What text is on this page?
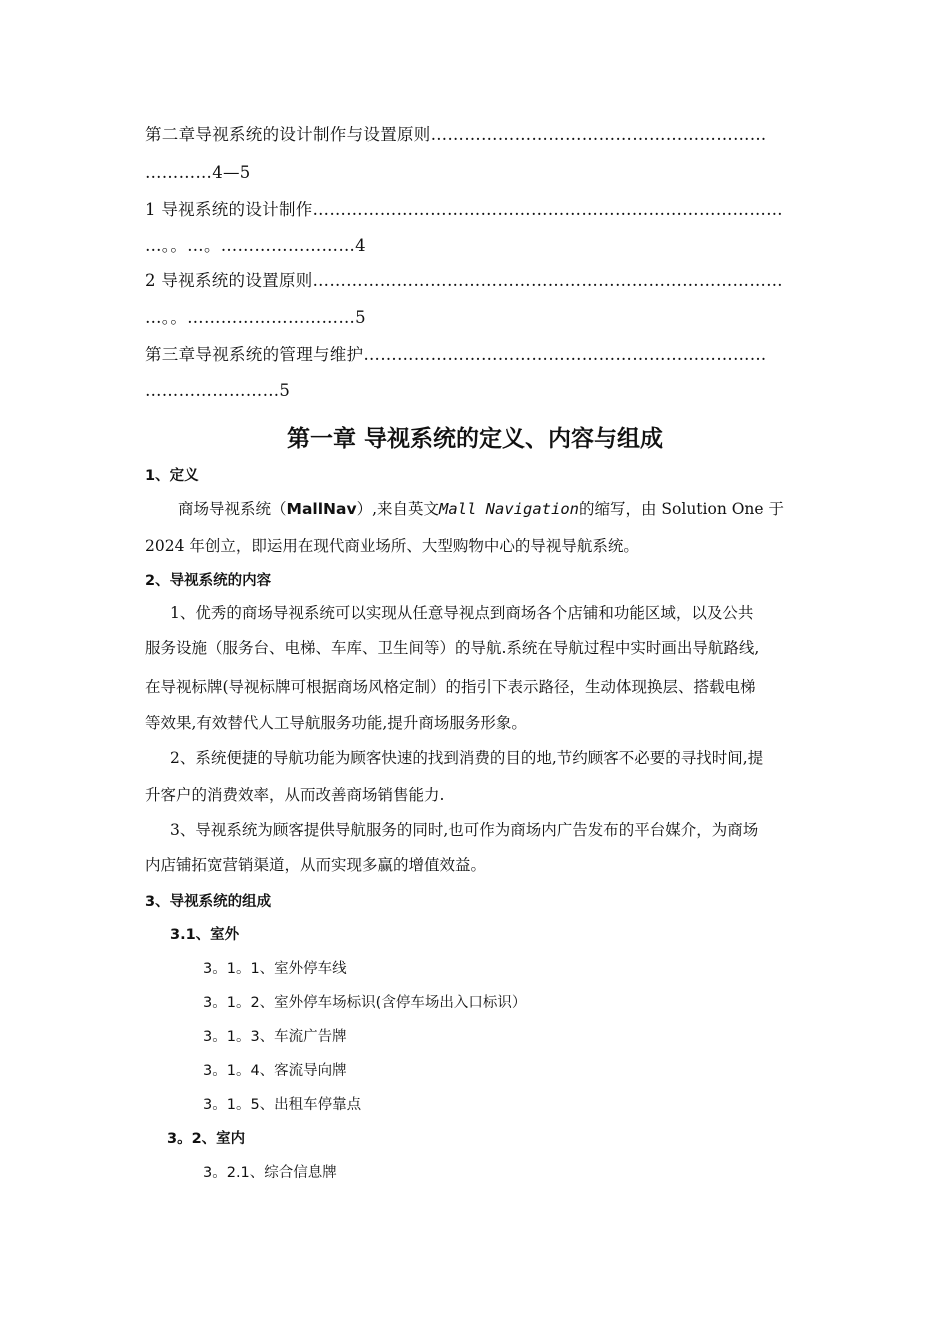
第二章导视系统的设计制作与设置原则……………………………………………………
…………4—5
1 导视系统的设计制作…………………………………………………………………………
…。。…。……………………4
2 导视系统的设置原则…………………………………………………………………………
…。。…………………………5
第三章导视系统的管理与维护………………………………………………………………
……………………5
第一章 导视系统的定义、内容与组成
1、定义
商场导视系统（MallNav）,来自英文Mall Navigation的缩写，由 Solution One 于
2024 年创立，即运用在现代商业场所、大型购物中心的导视导航系统。
2、导视系统的内容
1、优秀的商场导视系统可以实现从任意导视点到商场各个店铺和功能区域，以及公共
服务设施（服务台、电梯、车库、卫生间等）的导航.系统在导航过程中实时画出导航路线,
在导视标牌(导视标牌可根据商场风格定制）的指引下表示路径，生动体现换层、搭载电梯
等效果,有效替代人工导航服务功能,提升商场服务形象。
2、系统便捷的导航功能为顾客快速的找到消费的目的地,节约顾客不必要的寻找时间,提
升客户的消费效率，从而改善商场销售能力.
3、导视系统为顾客提供导航服务的同时,也可作为商场内广告发布的平台媒介，为商场
内店铺拓宽营销渠道，从而实现多赢的增值效益。
3、导视系统的组成
3.1、室外
3。1。1、室外停车线
3。1。2、室外停车场标识(含停车场出入口标识）
3。1。3、车流广告牌
3。1。4、客流导向牌
3。1。5、出租车停靠点
3。2、室内
3。2.1、综合信息牌
